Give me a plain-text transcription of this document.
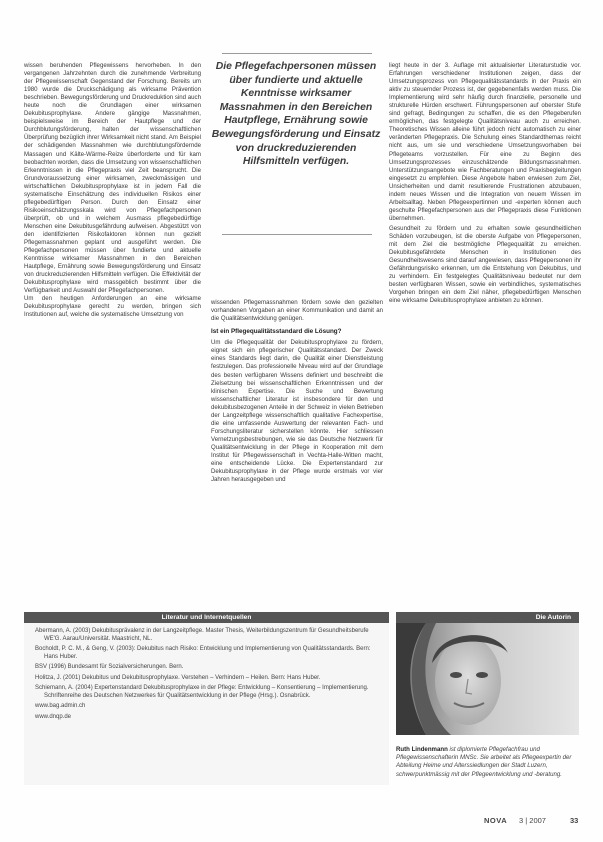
wissen beruhenden Pflegewissens hervorheben. In den vergangenen Jahrzehnten durch die zunehmende Verbreitung der Pflegewissenschaft Gegenstand der Forschung. Bereits um 1980 wurde die Druckschädigung als wirksame Prävention beschrieben. Bewegungsförderung und Druckreduktion sind auch heute noch die Grundlagen einer wirksamen Dekubitusprophylaxe. Andere gängige Massnahmen, beispielsweise im Bereich der Hautpflege und der Durchblutungsförderung, halten der wissenschaftlichen Überprüfung bezüglich ihrer Wirksamkeit nicht stand. Am Beispiel der schädigenden Massnahmen wie durchblutungsfördernde Massagen und Kälte-Wärme-Reize überforderte und für kam beobachten worden, dass die Umsetzung von wissenschaftlichen Erkenntnissen in die Pflegepraxis viel Zeit beansprucht. Die Grundvoraussetzung einer wirksamen, zweckmässigen und wirtschaftlichen Dekubitusprophylaxe ist in jedem Fall die systematische Einschätzung des individuellen Risikos einer pflegebedürftigen Person. Durch den Einsatz einer Risikoeinschätzungsskala wird von Pflegefachpersonen überprüft, ob und in welchem Ausmass pflegebedürftige Menschen eine Dekubitusgefährdung aufweisen. Abgestützt von den identifizierten Risikofaktoren können nun gezielt Pflegemassnahmen geplant und ausgeführt werden. Die Pflegefachpersonen müssen über fundierte und aktuelle Kenntnisse wirksamer Massnahmen in den Bereichen Hautpflege, Ernährung sowie Bewegungsförderung und Einsatz von druckreduzierenden Hilfsmitteln verfügen. Die Effektivität der Dekubitusprophylaxe wird massgeblich bestimmt über die Verfügbarkeit und Auswahl der Pflegefachpersonen.

Um den heutigen Anforderungen an eine wirksame Dekubitusprophylaxe gerecht zu werden, bringen sich Institutionen auf, welche die systematische Umsetzung von

Die Pflegefachpersonen müssen über fundierte und aktuelle Kenntnisse wirksamer Massnahmen in den Bereichen Hautpflege, Ernährung sowie Bewegungsförderung und Einsatz von druckreduzierenden Hilfsmitteln verfügen.

wissenden Pflegemassnahmen fördern sowie den gezielten vorhandenen Vorgaben an einer Kommunikation und damit an die Qualitätsentwicklung genügen.

Ist ein Pflegequalitätsstandard die Lösung?

Um die Pflegequalität der Dekubitusprophylaxe zu fördern, eignet sich ein pflegerischer Qualitätsstandard. Der Zweck eines Standards liegt darin, die Qualität einer Dienstleistung festzulegen. Das professionelle Niveau wird auf der Grundlage des besten verfügbaren Wissens definiert und beschreibt die Zielsetzung bei wissenschaftlichen Erkenntnissen und der klinischen Expertise. Die Suche und Bewertung wissenschaftlicher Literatur ist insbesondere für den und dekubitusbezogenen Anteile in der Schweiz in vielen Betrieben der Langzeitpflege wissenschaftlich qualitative Fachexpertise, die eine umfassende Auswertung der relevanten Fach- und Forschungsliteratur sicherstellen könnte. Hier schliessen Vernetzungsbestrebungen, wie sie das Deutsche Netzwerk für Qualitätsentwicklung in der Pflege in Kooperation mit dem Institut für Pflegewissenschaft in Vechta-Halle-Witten macht, eine entscheidende Lücke. Die Expertenstandard zur Dekubitusprophylaxe in der Pflege wurde erstmals vor vier Jahren herausgegeben und

liegt heute in der 3. Auflage mit aktualisierter Literaturstudie vor. Erfahrungen verschiedener Institutionen zeigen, dass der Umsetzungsprozess von Pflegequalitätsstandards in der Praxis ein aktiv zu steuernder Prozess ist, der gegebenenfalls werden muss. Die Implementierung wird sehr häufig durch finanzielle, personelle und strukturelle Hürden erschwert. Führungspersonen auf oberster Stufe sind gefragt, Bedingungen zu schaffen, die es den Pflegeberufen ermöglichen, das festgelegte Qualitätsniveau auch zu erreichen. Theoretisches Wissen alleine führt jedoch nicht automatisch zu einer veränderten Pflegepraxis. Die Schulung eines Standardthemas reicht nicht aus, um sie und verschiedene Umsetzungsvorhaben bei Pflegeteams vorzustellen. Für eine zu Beginn des Umsetzungsprozesses einzuschätzende Bildungsmassnahmen. Unterstützungsangebote wie Fachberatungen und Praxisbegleitungen eingesetzt zu empfehlen. Diese Angebote haben erwiesen zum Ziel, Unsicherheiten und damit resultierende Frustrationen abzubauen, indem neues Wissen und die Integration von neuem Wissen im Arbeitsalltag. Neben Pflegeexpertinnen und -experten können auch geschulte Pflegefachpersonen aus der Pflegepraxis diese Funktionen übernehmen.

Gesundheit zu fördern und zu erhalten sowie gesundheitlichen Schäden vorzubeugen, ist die oberste Aufgabe von Pflegepersonen, mit dem Ziel die bestmögliche Pflegequalität zu erreichen. Dekubitusgefährdete Menschen in Institutionen des Gesundheitswesens sind darauf angewiesen, dass Pflegepersonen ihr Gefährdungsrisiko erkennen, um die Entstehung von Dekubitus, und zu verhindern. Ein festgelegtes Qualitätsniveau bedeutet nur dem besten verfügbaren Wissen, sowie ein verbindliches, systematisches Vorgehen bringen ein dem Ziel näher, pflegebedürftigen Menschen eine wirksame Dekubitusprophylaxe anbieten zu können.

Literatur und Internetquellen	Die Autorin
Abermann, A. (2003) Dekubitusprävalenz in der Langzeitpflege. Master Thesis, Weiterbildungszentrum für Gesundheitsberufe WE'G. Aarau/Universität. Maastricht, NL.
Bocholdt, P. C. M., & Geng, V. (2003): Dekubitus nach Risiko: Entwicklung und Implementierung von Qualitätsstandards. Bern: Hans Huber.
BSV (1996) Bundesamt für Sozialversicherungen. Bern.
Holitza, J. (2001) Dekubitus und Dekubitusprophylaxe. Verstehen – Verhindern – Heilen. Bern: Hans Huber.
Schiemann, A. (2004) Expertenstandard Dekubitusprophylaxe in der Pflege: Entwicklung – Konsentierung – Implementierung. Schriftenreihe des Deutschen Netzwerkes für Qualitätsentwicklung in der Pflege (Hrsg.). Osnabrück.
www.bag.admin.ch
www.dnqp.de
Ruth Lindenmann ist diplomierte Pflegefachfrau und Pflegewissenschafterin MNSc. Sie arbeitet als Pflegeexpertin der Abteilung Heime und Alterssiedlungen der Stadt Luzern, schwerpunktmässig mit der Pflegeentwicklung und -beratung.
NOVA 3 | 2007	33
